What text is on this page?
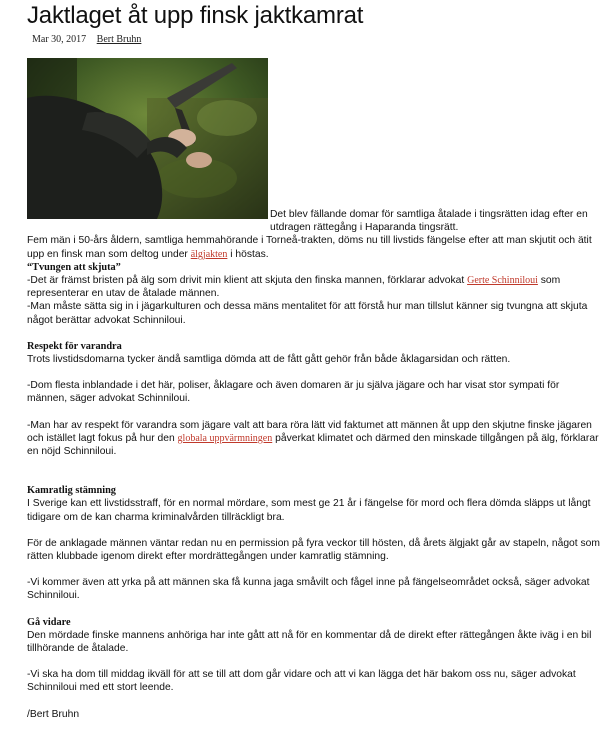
Jaktlaget åt upp finsk jaktkamrat
Mar 30, 2017 Bert Bruhn

Det blev fällande domar för samtliga åtalade i tingsrätten idag efter en utdragen rättegång i Haparanda tingsrätt.

Fem män i 50-års åldern, samtliga hemmahörande i Torneå-trakten, döms nu till livstids fängelse efter att man skjutit och ätit upp en finsk man som deltog under älgjakten i höstas.

“Tvungen att skjuta”

-Det är främst bristen på älg som drivit min klient att skjuta den finska mannen, förklarar advokat Gerte Schinniloui som representerar en utav de åtalade männen.

-Man måste sätta sig in i jägarkulturen och dessa mäns mentalitet för att förstå hur man tillslut känner sig tvungna att skjuta något berättar advokat Schinniloui.

Respekt för varandra

Trots livstidsdomarna tycker ändå samtliga dömda att de fått gått gehör från både åklagarsidan och rätten.

-Dom flesta inblandade i det här, poliser, åklagare och även domaren är ju själva jägare och har visat stor sympati för männen, säger advokat Schinniloui.

-Man har av respekt för varandra som jägare valt att bara röra lätt vid faktumet att männen åt upp den skjutne finske jägaren och istället lagt fokus på hur den globala uppvärmningen påverkat klimatet och därmed den minskade tillgången på älg, förklarar en nöjd Schinniloui.

Kamratlig stämning

I Sverige kan ett livstidsstraff, för en normal mördare, som mest ge 21 år i fängelse för mord och flera dömda släpps ut långt tidigare om de kan charma kriminalvården tillräckligt bra.

För de anklagade männen väntar redan nu en permission på fyra veckor till hösten, då årets älgjakt går av stapeln, något som rätten klubbade igenom direkt efter mordrättegången under kamratlig stämning.

-Vi kommer även att yrka på att männen ska få kunna jaga småvilt och fågel inne på fängelseområdet också, säger advokat Schinniloui.

Gå vidare

Den mördade finske mannens anhöriga har inte gått att nå för en kommentar då de direkt efter rättegången åkte iväg i en bil tillhörande de åtalade.

-Vi ska ha dom till middag ikväll för att se till att dom går vidare och att vi kan lägga det här bakom oss nu, säger advokat Schinniloui med ett stort leende.

/Bert Bruhn
